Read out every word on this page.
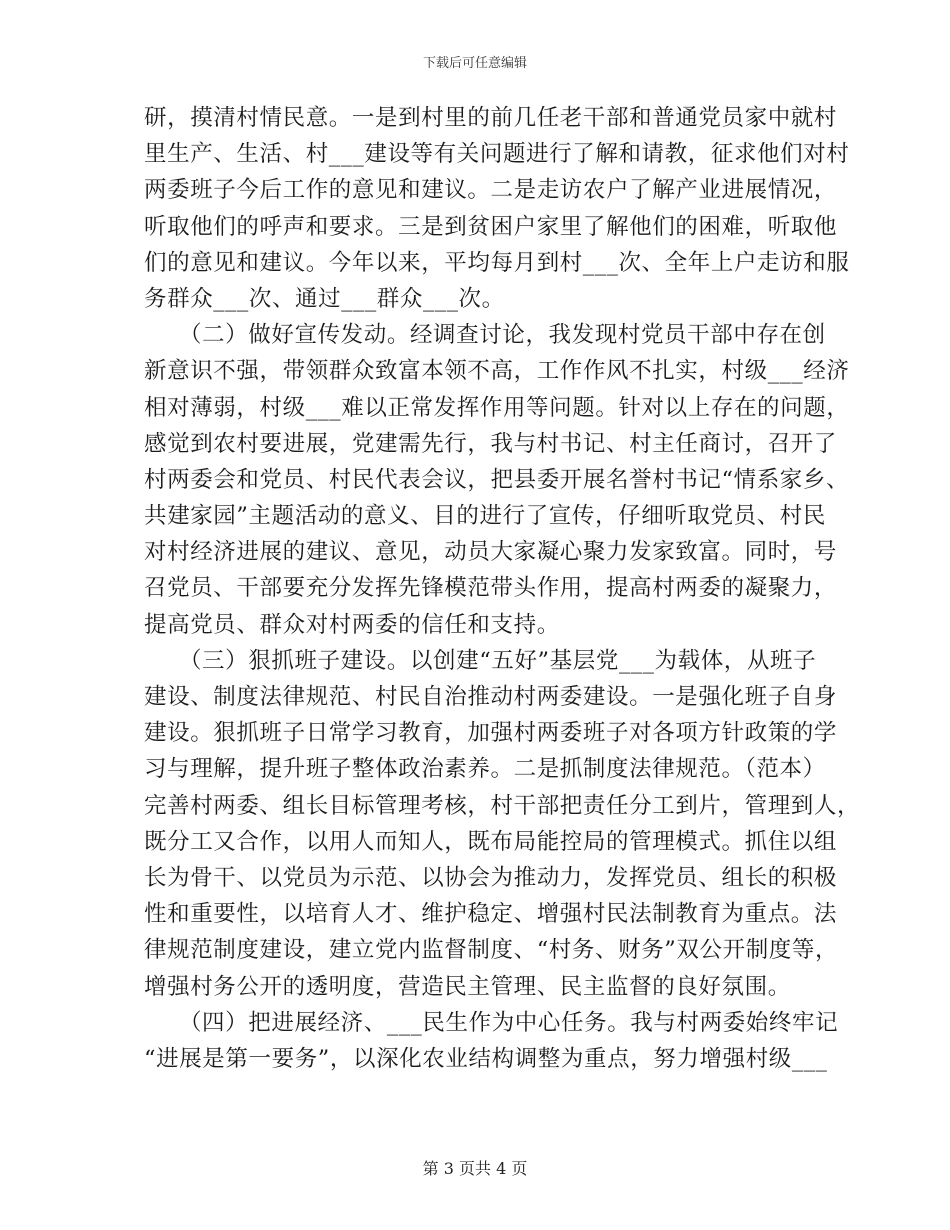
下载后可任意编辑
研，摸清村情民意。一是到村里的前几任老干部和普通党员家中就村
里生产、生活、村___建设等有关问题进行了解和请教，征求他们对村
两委班子今后工作的意见和建议。二是走访农户了解产业进展情况，
听取他们的呼声和要求。三是到贫困户家里了解他们的困难，听取他
们的意见和建议。今年以来，平均每月到村___次、全年上户走访和服
务群众___次、通过___群众___次。
　　（二）做好宣传发动。经调查讨论，我发现村党员干部中存在创
新意识不强，带领群众致富本领不高，工作作风不扎实，村级___经济
相对薄弱，村级___难以正常发挥作用等问题。针对以上存在的问题，
感觉到农村要进展，党建需先行，我与村书记、村主任商讨，召开了
村两委会和党员、村民代表会议，把县委开展名誉村书记“情系家乡、
共建家园”主题活动的意义、目的进行了宣传，仔细听取党员、村民
对村经济进展的建议、意见，动员大家凝心聚力发家致富。同时，号
召党员、干部要充分发挥先锋模范带头作用，提高村两委的凝聚力，
提高党员、群众对村两委的信任和支持。
　　（三）狠抓班子建设。以创建“五好”基层党___为载体，从班子
建设、制度法律规范、村民自治推动村两委建设。一是强化班子自身
建设。狠抓班子日常学习教育，加强村两委班子对各项方针政策的学
习与理解，提升班子整体政治素养。二是抓制度法律规范。（范本）
完善村两委、组长目标管理考核，村干部把责任分工到片，管理到人，
既分工又合作，以用人而知人，既布局能控局的管理模式。抓住以组
长为骨干、以党员为示范、以协会为推动力，发挥党员、组长的积极
性和重要性，以培育人才、维护稳定、增强村民法制教育为重点。法
律规范制度建设，建立党内监督制度、“村务、财务”双公开制度等，
增强村务公开的透明度，营造民主管理、民主监督的良好氛围。
　　（四）把进展经济、___民生作为中心任务。我与村两委始终牢记
“进展是第一要务”，以深化农业结构调整为重点，努力增强村级___
第 3 页共 4 页
